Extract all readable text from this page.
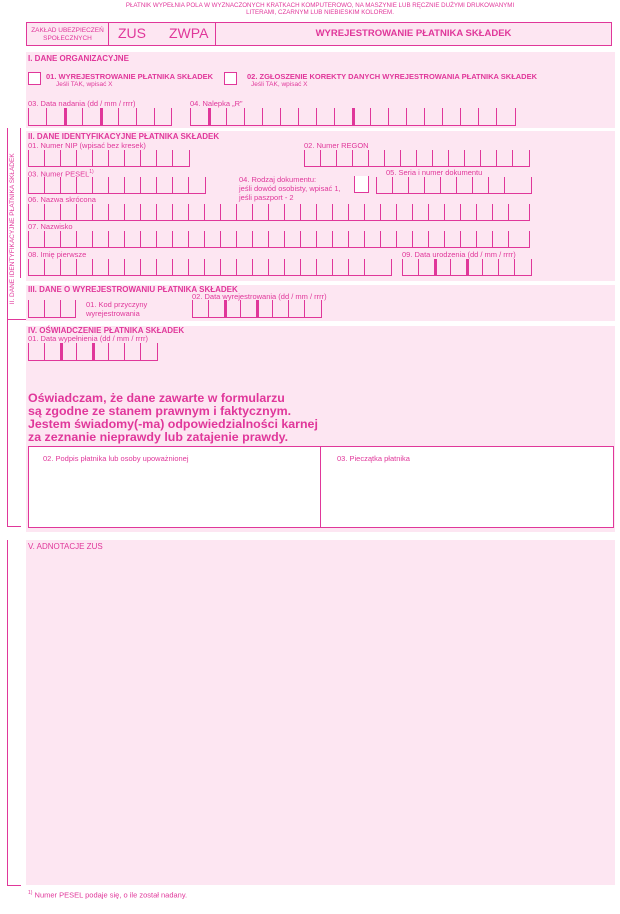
PŁATNIK WYPEŁNIA POLA W WYZNACZONYCH KRATKACH KOMPUTEROWO, NA MASZYNIE LUB RĘCZNIE DUŻYMI DRUKOWANYMI LITERAMI, CZARNYM LUB NIEBIESKIM KOLOREM.
ZAKŁAD UBEZPIECZEŃ SPOŁECZNYCH	ZUS ZWPA	WYREJESTROWANIE PŁATNIKA SKŁADEK
I. DANE ORGANIZACYJNE
01. WYREJESTROWANIE PŁATNIKA SKŁADEK
Jeśli TAK, wpisać X
02. ZGŁOSZENIE KOREKTY DANYCH WYREJESTROWANIA PŁATNIKA SKŁADEK
Jeśli TAK, wpisać X
03. Data nadania (dd / mm / rrrr)	04. Nalepka „R”
II. DANE IDENTYFIKACYJNE PŁATNIKA SKŁADEK
II. DANE IDENTYFIKACYJNE PŁATNIKA SKŁADEK
01. Numer NIP (wpisać bez kresek)	02. Numer REGON
03. Numer PESEL$^{1)}$
04. Rodzaj dokumentu:
jeśli dowód osobisty, wpisać 1,
jeśli paszport - 2
05. Seria i numer dokumentu
06. Nazwa skrócona
07. Nazwisko
08. Imię pierwsze	09. Data urodzenia (dd / mm / rrrr)
III. DANE O WYREJESTROWANIU PŁATNIKA SKŁADEK
01. Kod przyczyny
wyrejestrowania
02. Data wyrejestrowania (dd / mm / rrrr)
IV. OŚWIADCZENIE PŁATNIKA SKŁADEK
01. Data wypełnienia (dd / mm / rrrr)
Oświadczam, że dane zawarte w formularzu
są zgodne ze stanem prawnym i faktycznym.
Jestem świadomy(-ma) odpowiedzialności karnej
za zeznanie nieprawdy lub zatajenie prawdy.
02. Podpis płatnika lub osoby upoważnionej	03. Pieczątka płatnika
V. ADNOTACJE ZUS
$^{1)}$ Numer PESEL podaje się, o ile został nadany.
